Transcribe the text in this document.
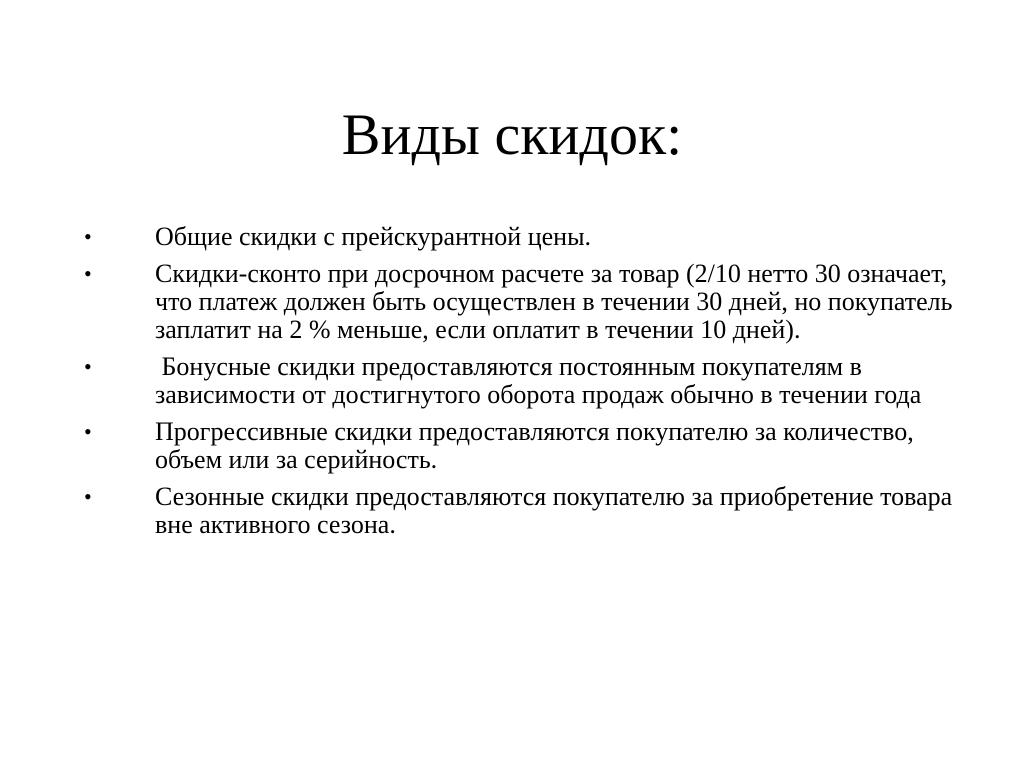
Виды скидок:
•	Общие скидки с прейскурантной цены.
•	Скидки-сконто при досрочном расчете за товар (2/10 нетто 30 означает, что платеж должен быть осуществлен в течении 30 дней, но покупатель заплатит на 2 % меньше, если оплатит в течении 10 дней).
•	Бонусные скидки предоставляются постоянным покупателям в зависимости от достигнутого оборота продаж обычно в течении года
•	Прогрессивные скидки предоставляются покупателю за количество, объем или за серийность.
•	Сезонные скидки предоставляются покупателю за приобретение товара вне активного сезона.
